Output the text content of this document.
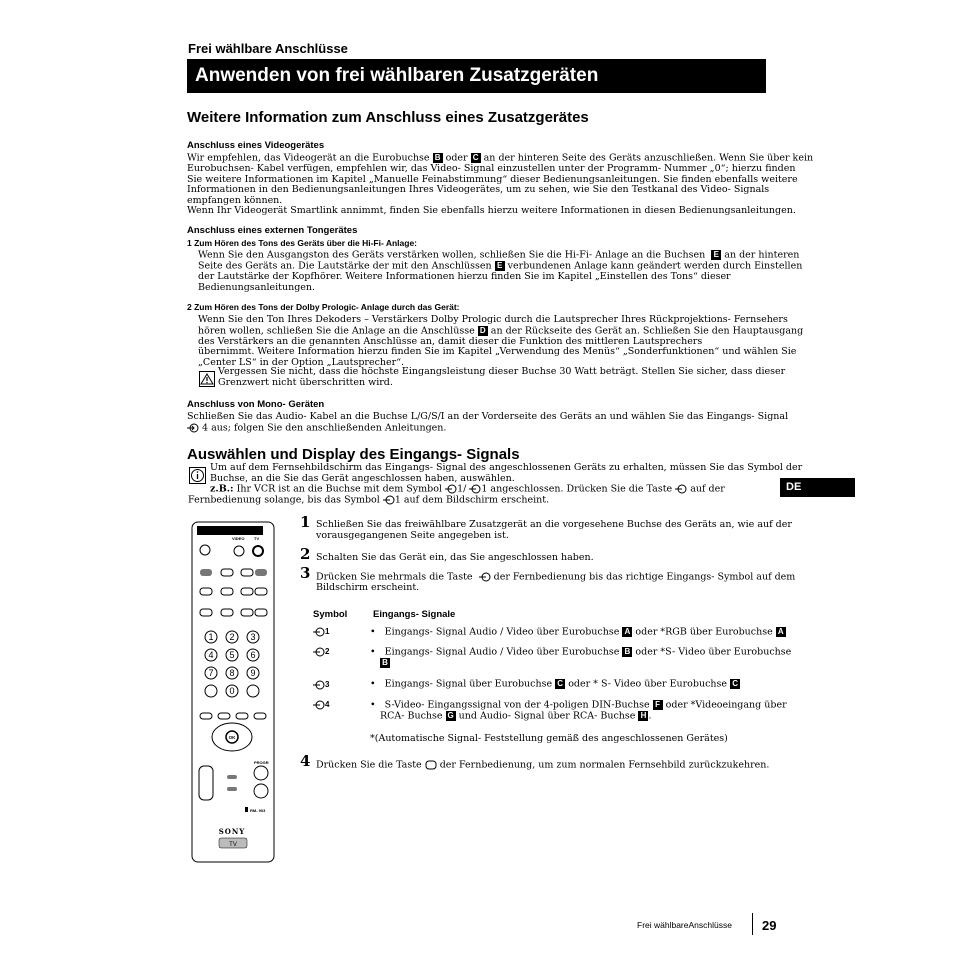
Frei wählbare Anschlüsse
Anwenden von frei wählbaren Zusatzgeräten
Weitere Information zum Anschluss eines Zusatzgerätes
Anschluss eines Videogerätes
Wir empfehlen, das Videogerät an die Eurobuchse B oder C an der hinteren Seite des Geräts anzuschließen. Wenn Sie über kein
Eurobuchsen- Kabel verfügen, empfehlen wir, das Video- Signal einzustellen unter der Programm- Nummer „0“; hierzu finden
Sie weitere Informationen im Kapitel „Manuelle Feinabstimmung“ dieser Bedienungsanleitungen. Sie finden ebenfalls weitere
Informationen in den Bedienungsanleitungen Ihres Videogerätes, um zu sehen, wie Sie den Testkanal des Video- Signals
empfangen können.
Wenn Ihr Videogerät Smartlink annimmt, finden Sie ebenfalls hierzu weitere Informationen in diesen Bedienungsanleitungen.
Anschluss eines externen Tongerätes
1 Zum Hören des Tons des Geräts über die Hi-Fi- Anlage:
Wenn Sie den Ausgangston des Geräts verstärken wollen, schließen Sie die Hi-Fi- Anlage an die Buchsen E an der hinteren
Seite des Geräts an. Die Lautstärke der mit den Anschlüssen E verbundenen Anlage kann geändert werden durch Einstellen
der Lautstärke der Kopfhörer. Weitere Informationen hierzu finden Sie im Kapitel „Einstellen des Tons“ dieser
Bedienungsanleitungen.
2 Zum Hören des Tons der Dolby Prologic- Anlage durch das Gerät:
Wenn Sie den Ton Ihres Dekoders – Verstärkers Dolby Prologic durch die Lautsprecher Ihres Rückprojektions- Fernsehers
hören wollen, schließen Sie die Anlage an die Anschlüsse D an der Rückseite des Gerät an. Schließen Sie den Hauptausgang
des Verstärkers an die genannten Anschlüsse an, damit dieser die Funktion des mittleren Lautsprechers
übernimmt. Weitere Information hierzu finden Sie im Kapitel „Verwendung des Menüs“ „Sonderfunktionen“ und wählen Sie
„Center LS“ in der Option „Lautsprecher“.
Vergessen Sie nicht, dass die höchste Eingangsleistung dieser Buchse 30 Watt beträgt. Stellen Sie sicher, dass dieser
Grenzwert nicht überschritten wird.
Anschluss von Mono- Geräten
Schließen Sie das Audio- Kabel an die Buchse L/G/S/I an der Vorderseite des Geräts an und wählen Sie das Eingangs- Signal
4 aus; folgen Sie den anschließenden Anleitungen.
Auswählen und Display des Eingangs- Signals
Um auf dem Fernsehbildschirm das Eingangs- Signal des angeschlossenen Geräts zu erhalten, müssen Sie das Symbol der
Buchse, an die Sie das Gerät angeschlossen haben, auswählen.
z.B.: Ihr VCR ist an die Buchse mit dem Symbol 1/ 1 angeschlossen. Drücken Sie die Taste auf der
Fernbedienung solange, bis das Symbol 1 auf dem Bildschirm erscheint.
DE
VIDEO TV
1 2 3
4 5 6
7 8 9
0
OK
PROGR
RM- 903
SONY
TV
1 Schließen Sie das freiwählbare Zusatzgerät an die vorgesehene Buchse des Geräts an, wie auf der
vorausgegangenen Seite angegeben ist.
2 Schalten Sie das Gerät ein, das Sie angeschlossen haben.
3 Drücken Sie mehrmals die Taste der Fernbedienung bis das richtige Eingangs- Symbol auf dem
Bildschirm erscheint.
Symbol	Eingangs- Signale
1	• Eingangs- Signal Audio / Video über Eurobuchse A oder *RGB über Eurobuchse A
2	• Eingangs- Signal Audio / Video über Eurobuchse B oder *S- Video über Eurobuchse
B
3	• Eingangs- Signal über Eurobuchse C oder * S- Video über Eurobuchse C
4	• S-Video- Eingangssignal von der 4-poligen DIN-Buchse F oder *Videoeingang über
RCA- Buchse G und Audio- Signal über RCA- Buchse H .
*(Automatische Signal- Feststellung gemäß des angeschlossenen Gerätes)
4 Drücken Sie die Taste der Fernbedienung, um zum normalen Fernsehbild zurückzukehren.
Frei wählbareAnschlüsse 29
